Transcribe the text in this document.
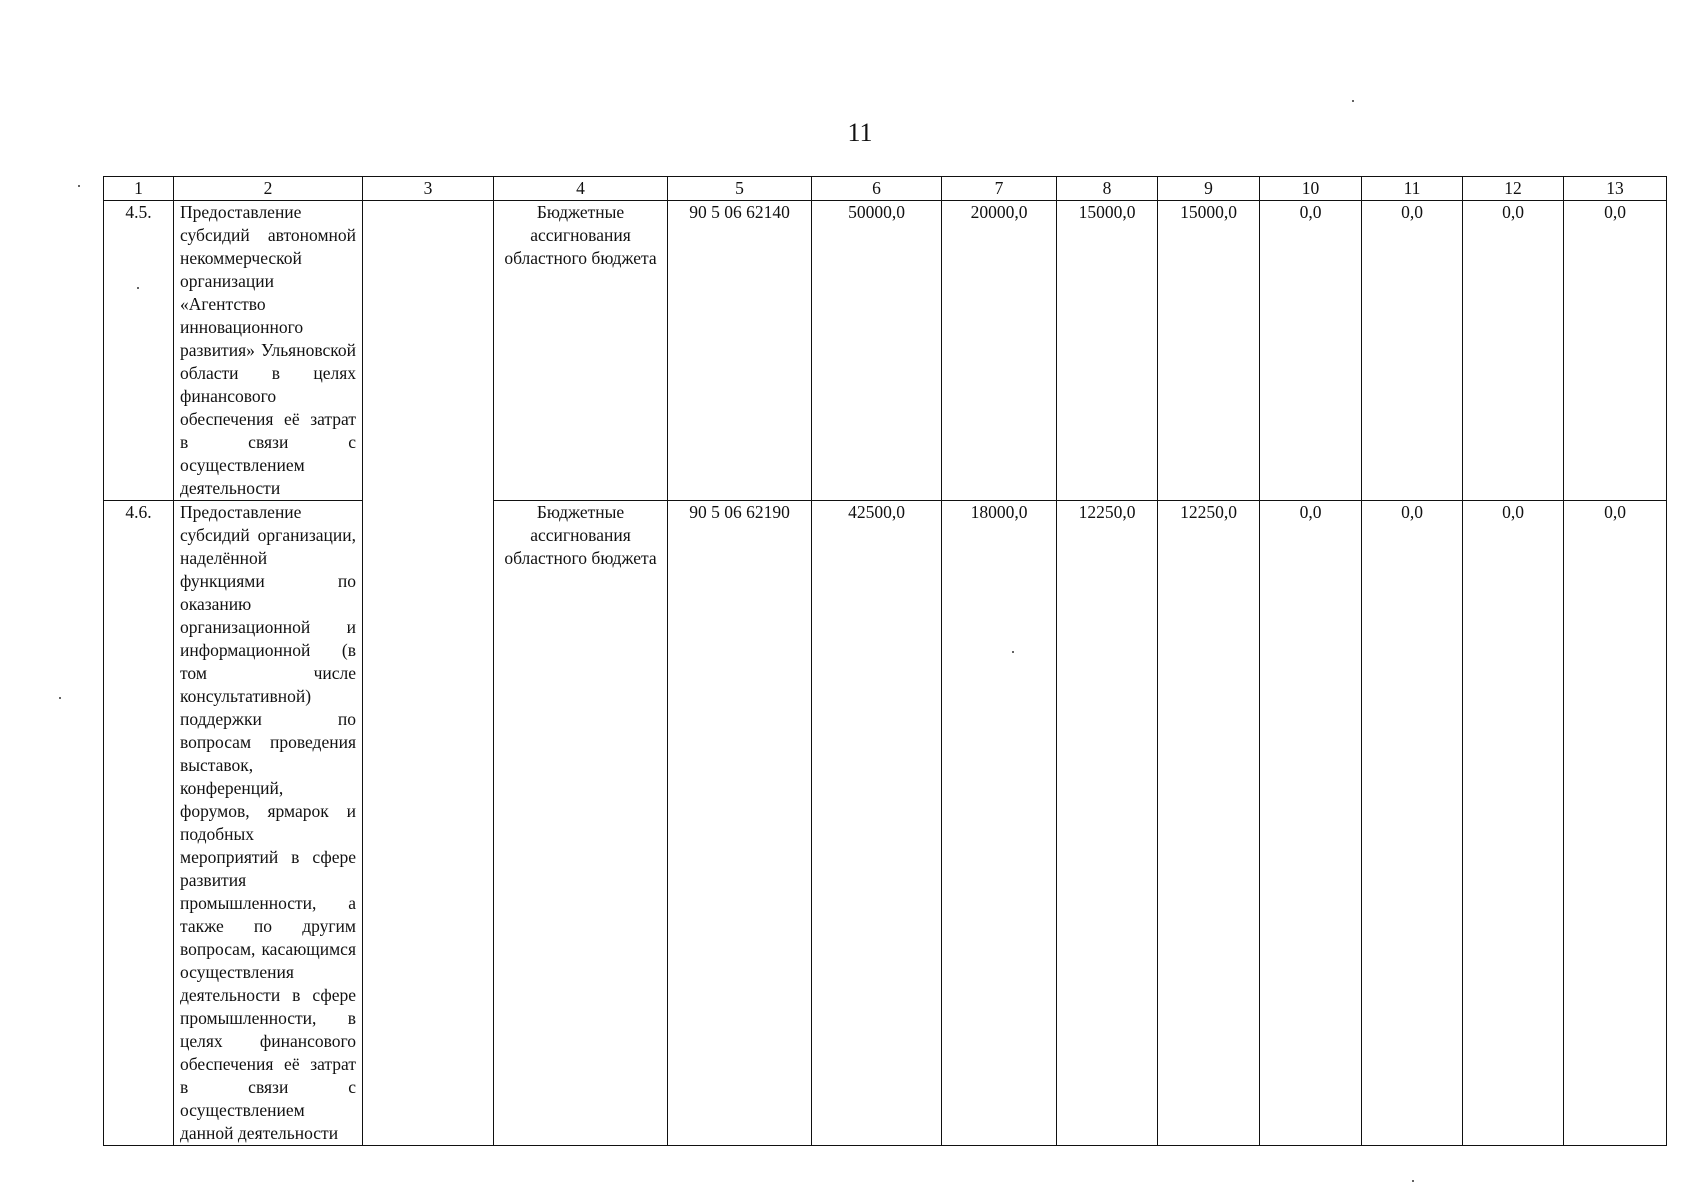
11
1	2	3	4	5	6	7	8	9	10	11	12	13
4.5.	Предоставление субсидий автономной некоммерческой организации «Агентство инновационного развития» Ульяновской области в целях финансового обеспечения её затрат в связи с осуществлением деятельности		Бюджетные ассигнования областного бюджета	90 5 06 62140	50000,0	20000,0	15000,0	15000,0	0,0	0,0	0,0	0,0
4.6.	Предоставление субсидий организации, наделённой функциями по оказанию организационной и информационной (в том числе консультативной) поддержки по вопросам проведения выставок, конференций, форумов, ярмарок и подобных мероприятий в сфере развития промышленности, а также по другим вопросам, касающимся осуществления деятельности в сфере промышленности, в целях финансового обеспечения её затрат в связи с осуществлением данной деятельности		Бюджетные ассигнования областного бюджета	90 5 06 62190	42500,0	18000,0	12250,0	12250,0	0,0	0,0	0,0	0,0
